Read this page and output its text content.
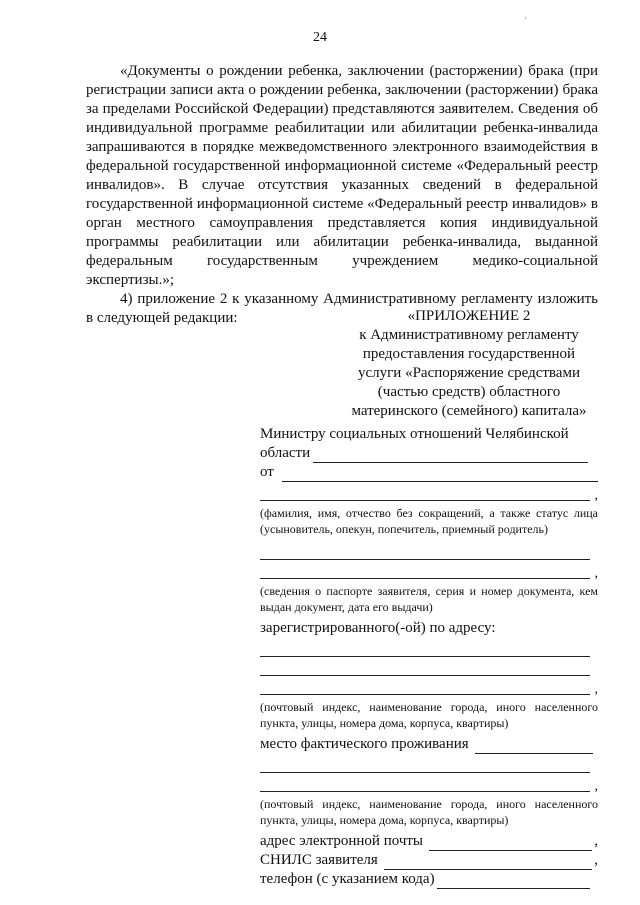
·
24

«Документы о рождении ребенка, заключении (расторжении) брака (при регистрации записи акта о рождении ребенка, заключении (расторжении) брака за пределами Российской Федерации) представляются заявителем. Сведения об индивидуальной программе реабилитации или абилитации ребенка-инвалида запрашиваются в порядке межведомственного электронного взаимодействия в федеральной государственной информационной системе «Федеральный реестр инвалидов». В случае отсутствия указанных сведений в федеральной государственной информационной системе «Федеральный реестр инвалидов» в орган местного самоуправления представляется копия индивидуальной программы реабилитации или абилитации ребенка-инвалида, выданной федеральным государственным учреждением медико-социальной экспертизы.»;

4) приложение 2 к указанному Административному регламенту изложить в следующей редакции:	«ПРИЛОЖЕНИЕ 2
к Административному регламенту
предоставления государственной
услуги «Распоряжение средствами
(частью средств) областного
материнского (семейного) капитала»
Министру социальных отношений Челябинской
области
от
,
(фамилия, имя, отчество без сокращений, а также статус лица (усыновитель, опекун, попечитель, приемный родитель)
,
(сведения о паспорте заявителя, серия и номер документа, кем выдан документ, дата его выдачи)
зарегистрированного(-ой) по адресу:
,
(почтовый индекс, наименование города, иного населенного пункта, улицы, номера дома, корпуса, квартиры)
место фактического проживания
,
(почтовый индекс, наименование города, иного населенного пункта, улицы, номера дома, корпуса, квартиры)
адрес электронной почты	,
СНИЛС заявителя	,
телефон (с указанием кода)
